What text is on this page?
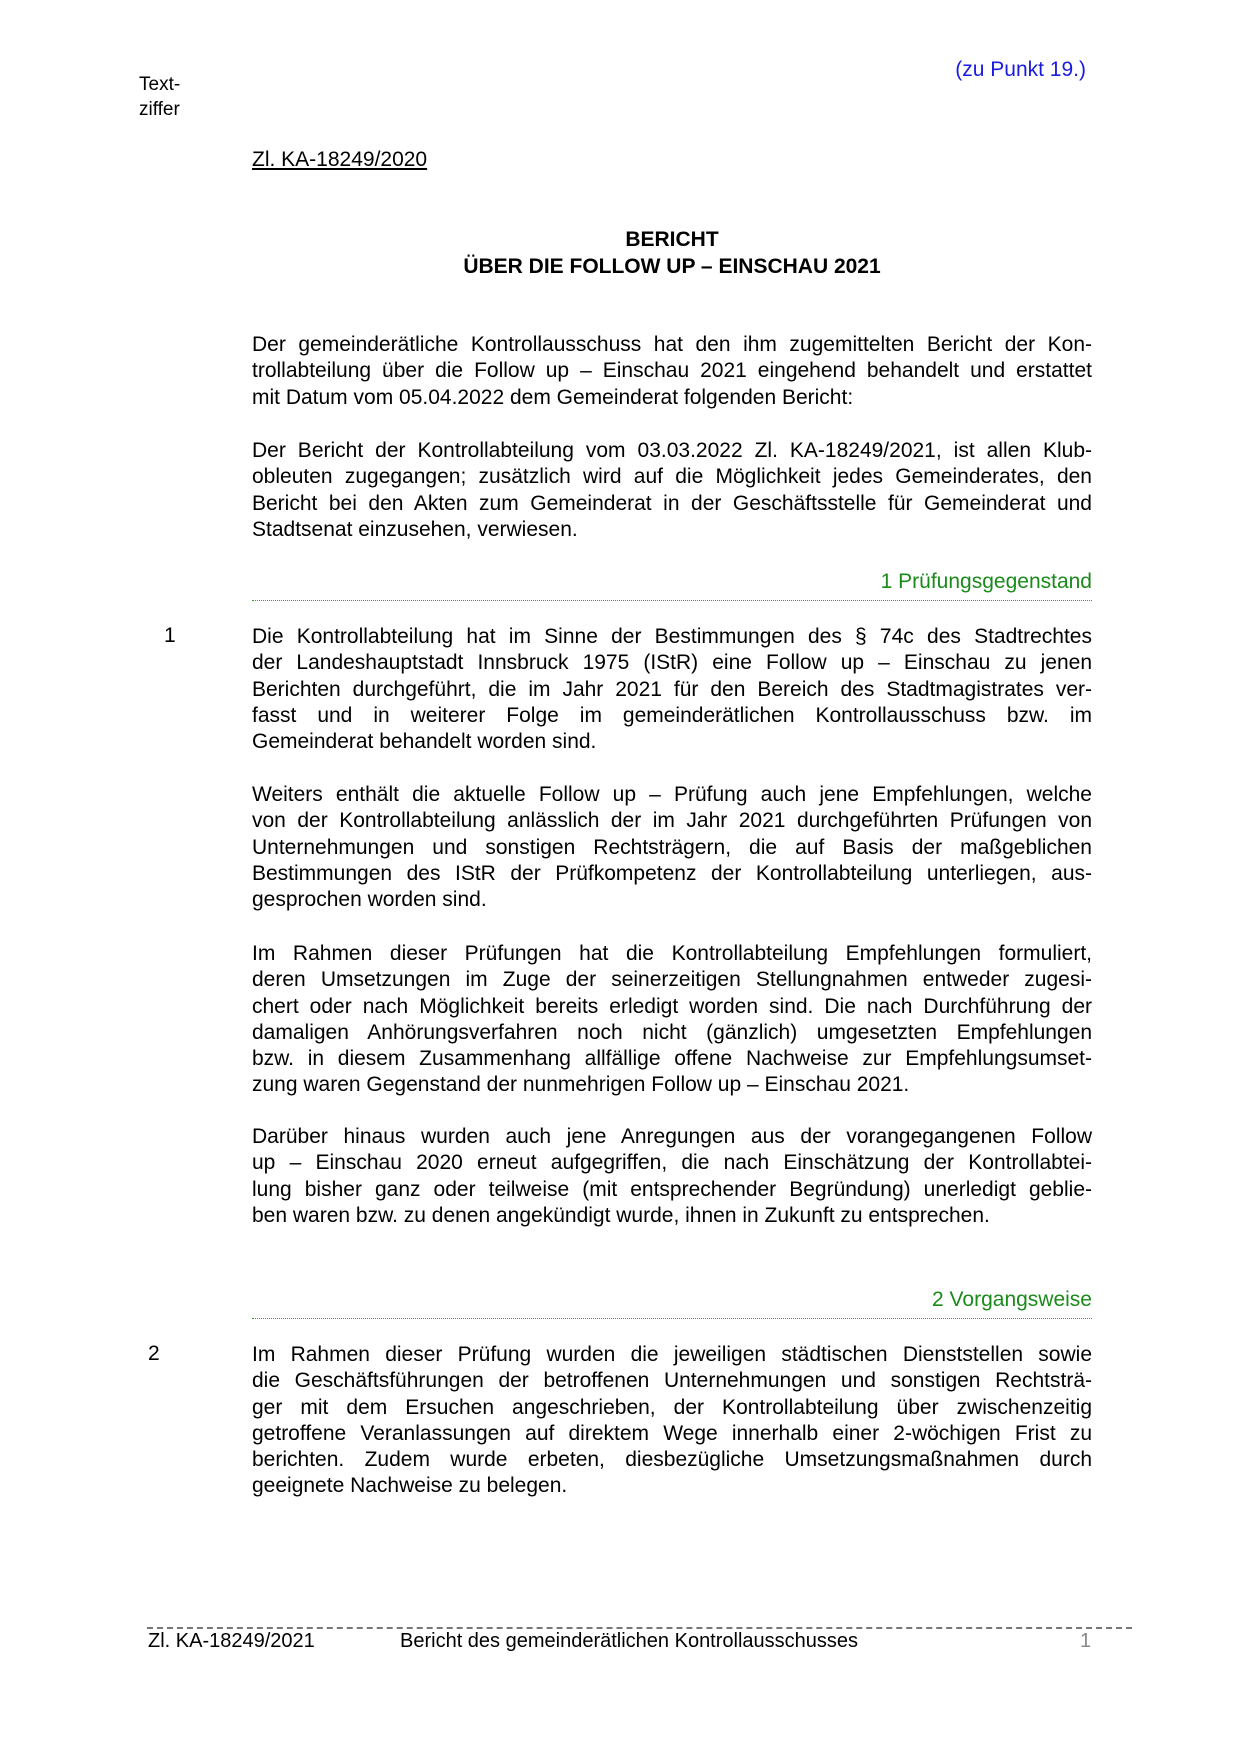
(zu Punkt 19.)
Text-
ziffer
Zl. KA-18249/2020
BERICHT
ÜBER DIE FOLLOW UP – EINSCHAU 2021
Der gemeinderätliche Kontrollausschuss hat den ihm zugemittelten Bericht der Kon-
trollabteilung über die Follow up – Einschau 2021 eingehend behandelt und erstattet
mit Datum vom 05.04.2022 dem Gemeinderat folgenden Bericht:
Der Bericht der Kontrollabteilung vom 03.03.2022 Zl. KA-18249/2021, ist allen Klub-
obleuten zugegangen; zusätzlich wird auf die Möglichkeit jedes Gemeinderates, den
Bericht bei den Akten zum Gemeinderat in der Geschäftsstelle für Gemeinderat und
Stadtsenat einzusehen, verwiesen.
1 Prüfungsgegenstand
1	Die Kontrollabteilung hat im Sinne der Bestimmungen des § 74c des Stadtrechtes
der Landeshauptstadt Innsbruck 1975 (IStR) eine Follow up – Einschau zu jenen
Berichten durchgeführt, die im Jahr 2021 für den Bereich des Stadtmagistrates ver-
fasst und in weiterer Folge im gemeinderätlichen Kontrollausschuss bzw. im
Gemeinderat behandelt worden sind.
Weiters enthält die aktuelle Follow up – Prüfung auch jene Empfehlungen, welche
von der Kontrollabteilung anlässlich der im Jahr 2021 durchgeführten Prüfungen von
Unternehmungen und sonstigen Rechtsträgern, die auf Basis der maßgeblichen
Bestimmungen des IStR der Prüfkompetenz der Kontrollabteilung unterliegen, aus-
gesprochen worden sind.
Im Rahmen dieser Prüfungen hat die Kontrollabteilung Empfehlungen formuliert,
deren Umsetzungen im Zuge der seinerzeitigen Stellungnahmen entweder zugesi-
chert oder nach Möglichkeit bereits erledigt worden sind. Die nach Durchführung der
damaligen Anhörungsverfahren noch nicht (gänzlich) umgesetzten Empfehlungen
bzw. in diesem Zusammenhang allfällige offene Nachweise zur Empfehlungsumset-
zung waren Gegenstand der nunmehrigen Follow up – Einschau 2021.
Darüber hinaus wurden auch jene Anregungen aus der vorangegangenen Follow
up – Einschau 2020 erneut aufgegriffen, die nach Einschätzung der Kontrollabtei-
lung bisher ganz oder teilweise (mit entsprechender Begründung) unerledigt geblie-
ben waren bzw. zu denen angekündigt wurde, ihnen in Zukunft zu entsprechen.
2 Vorgangsweise
2	Im Rahmen dieser Prüfung wurden die jeweiligen städtischen Dienststellen sowie
die Geschäftsführungen der betroffenen Unternehmungen und sonstigen Rechtsträ-
ger mit dem Ersuchen angeschrieben, der Kontrollabteilung über zwischenzeitig
getroffene Veranlassungen auf direktem Wege innerhalb einer 2-wöchigen Frist zu
berichten. Zudem wurde erbeten, diesbezügliche Umsetzungsmaßnahmen durch
geeignete Nachweise zu belegen.
Zl. KA-18249/2021	Bericht des gemeinderätlichen Kontrollausschusses	1
